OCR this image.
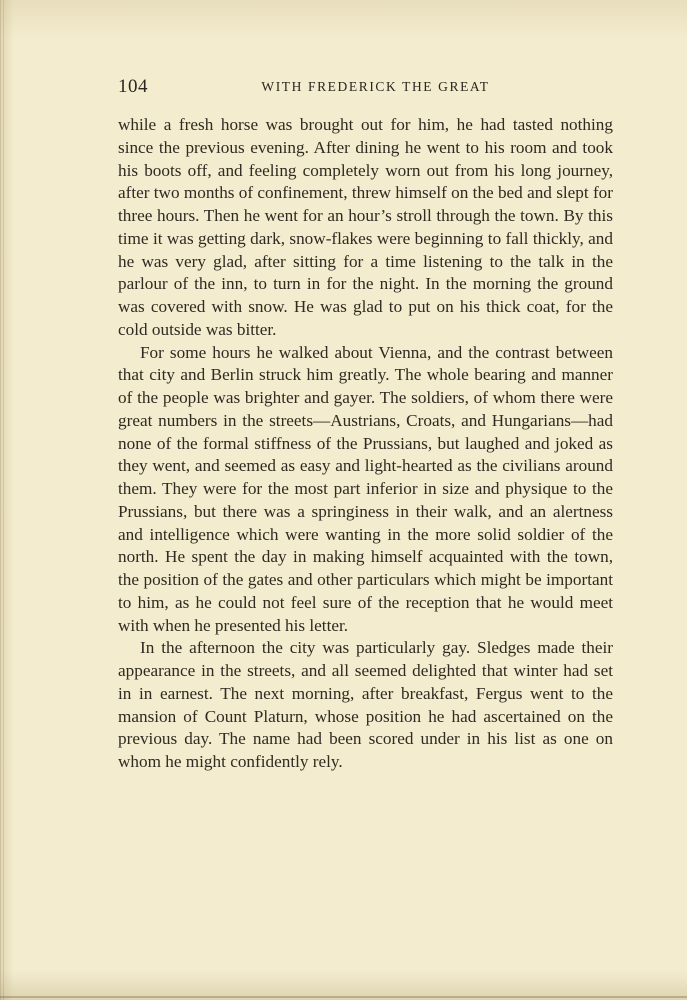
104	WITH FREDERICK THE GREAT

while a fresh horse was brought out for him, he had tasted nothing since the previous evening. After dining he went to his room and took his boots off, and feeling completely worn out from his long journey, after two months of confinement, threw himself on the bed and slept for three hours. Then he went for an hour’s stroll through the town. By this time it was getting dark, snow-flakes were beginning to fall thickly, and he was very glad, after sitting for a time listening to the talk in the parlour of the inn, to turn in for the night. In the morning the ground was covered with snow. He was glad to put on his thick coat, for the cold outside was bitter.

For some hours he walked about Vienna, and the contrast between that city and Berlin struck him greatly. The whole bearing and manner of the people was brighter and gayer. The soldiers, of whom there were great numbers in the streets—Austrians, Croats, and Hungarians—had none of the formal stiffness of the Prussians, but laughed and joked as they went, and seemed as easy and light-hearted as the civilians around them. They were for the most part inferior in size and physique to the Prussians, but there was a springiness in their walk, and an alertness and intelligence which were wanting in the more solid soldier of the north. He spent the day in making himself acquainted with the town, the position of the gates and other particulars which might be important to him, as he could not feel sure of the reception that he would meet with when he presented his letter.

In the afternoon the city was particularly gay. Sledges made their appearance in the streets, and all seemed delighted that winter had set in in earnest. The next morning, after breakfast, Fergus went to the mansion of Count Platurn, whose position he had ascertained on the previous day. The name had been scored under in his list as one on whom he might confidently rely.
